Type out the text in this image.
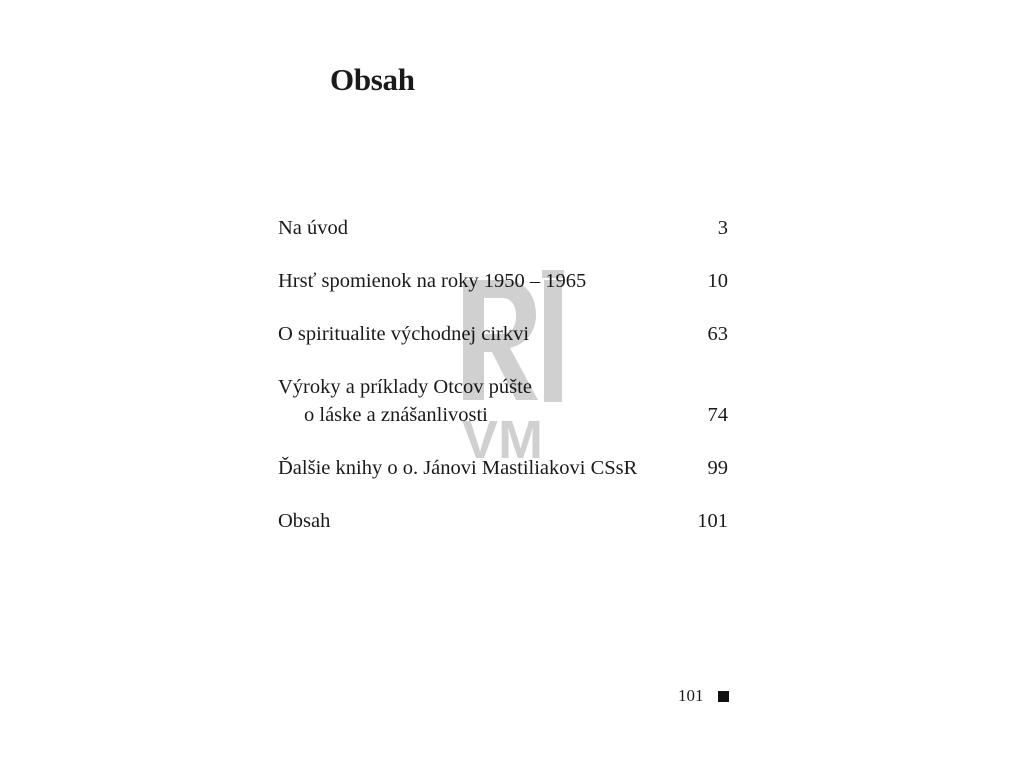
Obsah
Na úvod	3
Hrsť spomienok na roky 1950 – 1965	10
O spiritualite východnej cirkvi	63
Výroky a príklady Otcov púšte
o láske a znášanlivosti	74
Ďalšie knihy o o. Jánovi Mastiliakovi CSsR	99
Obsah	101
VM
101
